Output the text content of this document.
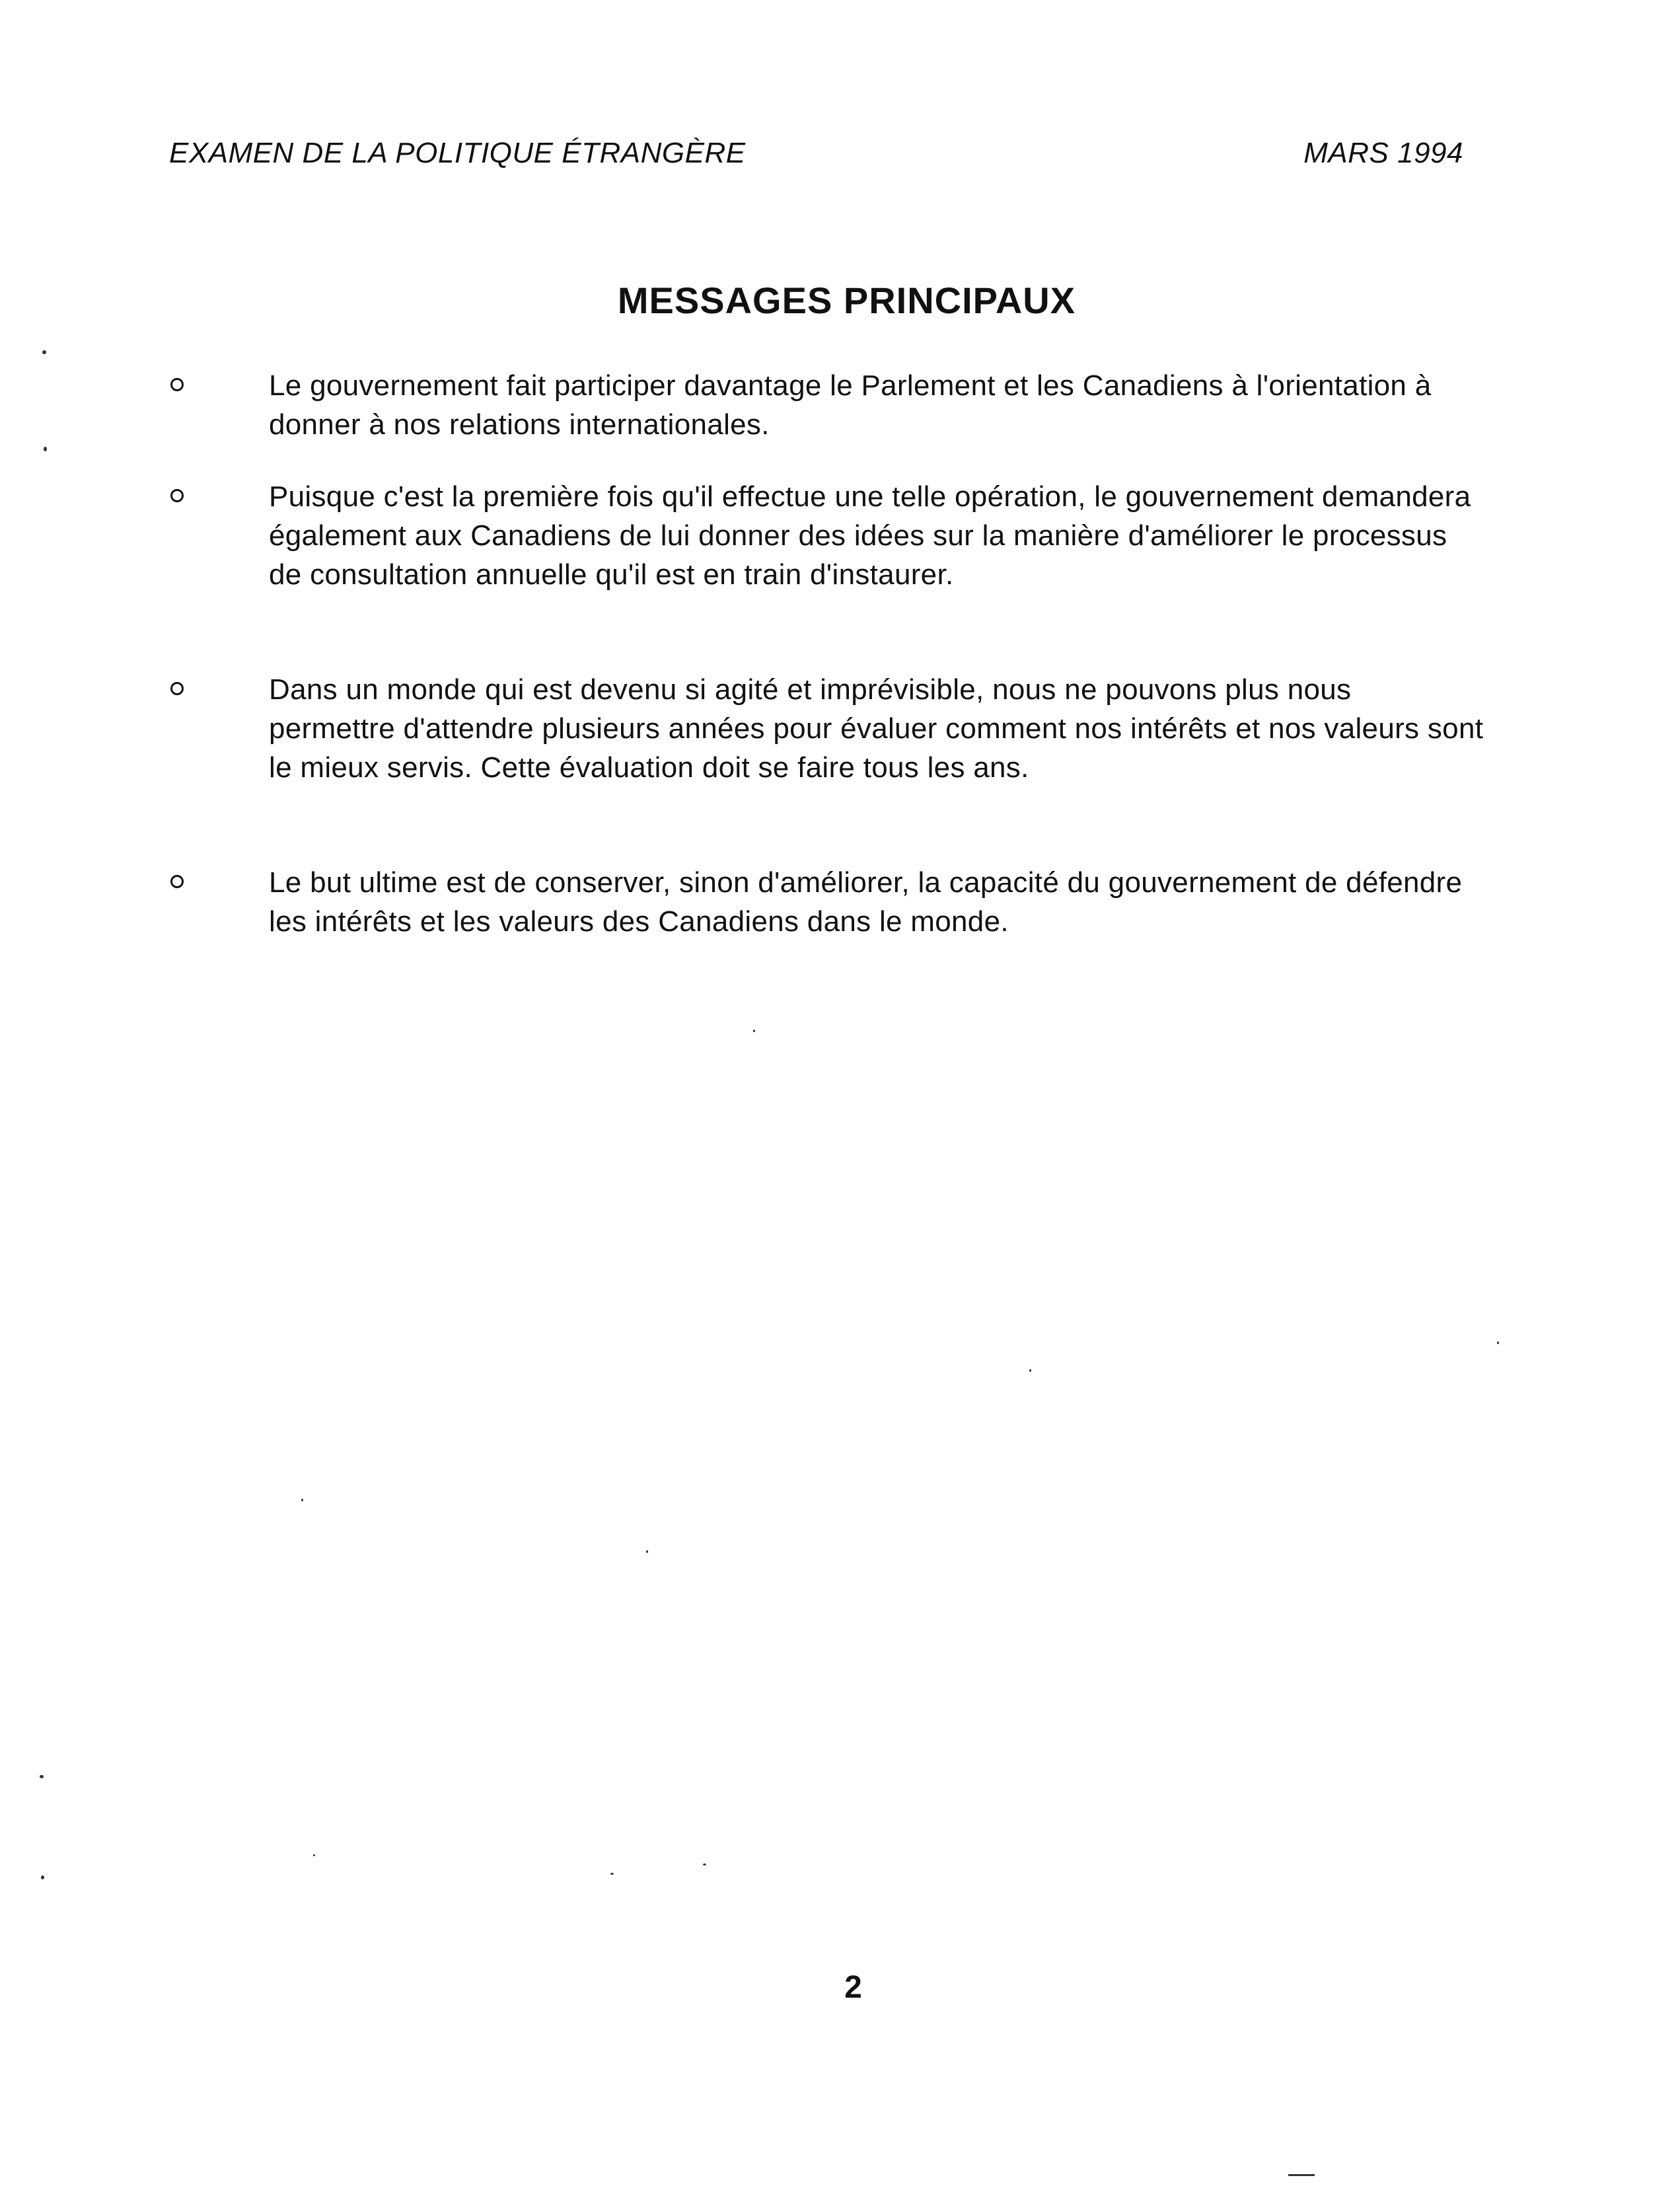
EXAMEN DE LA POLITIQUE ÉTRANGÈRE	MARS 1994
MESSAGES PRINCIPAUX
Le gouvernement fait participer davantage le Parlement et les Canadiens à l'orientation à donner à nos relations internationales.
Puisque c'est la première fois qu'il effectue une telle opération, le gouvernement demandera également aux Canadiens de lui donner des idées sur la manière d'améliorer le processus de consultation annuelle qu'il est en train d'instaurer.
Dans un monde qui est devenu si agité et imprévisible, nous ne pouvons plus nous permettre d'attendre plusieurs années pour évaluer comment nos intérêts et nos valeurs sont le mieux servis. Cette évaluation doit se faire tous les ans.
Le but ultime est de conserver, sinon d'améliorer, la capacité du gouvernement de défendre les intérêts et les valeurs des Canadiens dans le monde.
2
